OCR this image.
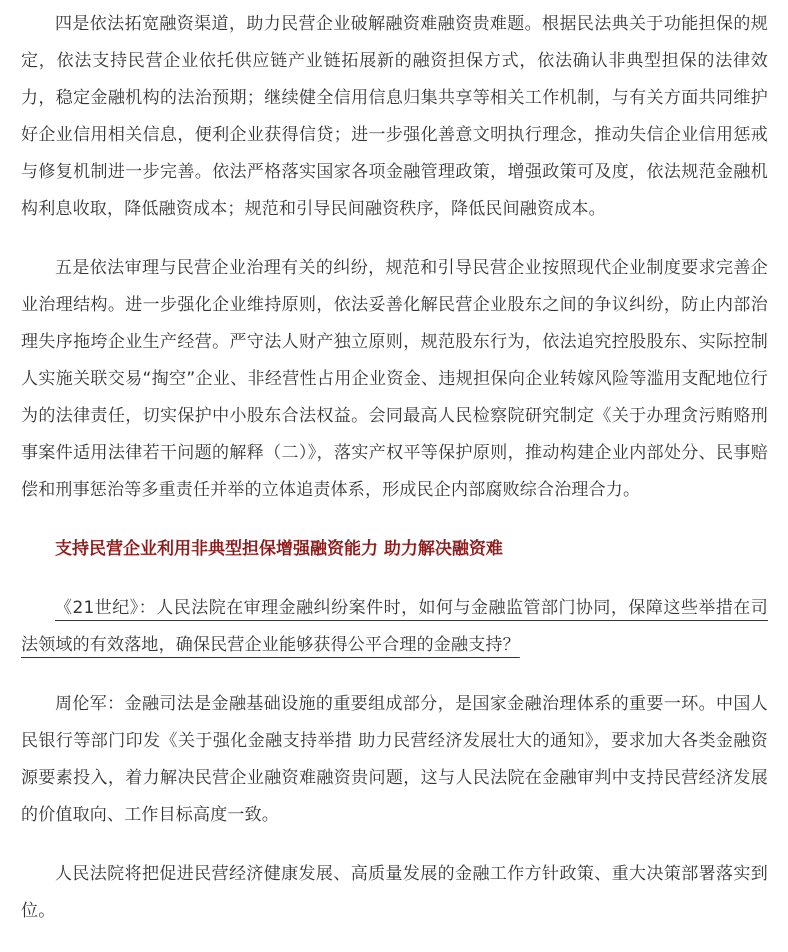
四是依法拓宽融资渠道，助力民营企业破解融资难融资贵难题。根据民法典关于功能担保的规定，依法支持民营企业依托供应链产业链拓展新的融资担保方式，依法确认非典型担保的法律效力，稳定金融机构的法治预期；继续健全信用信息归集共享等相关工作机制，与有关方面共同维护好企业信用相关信息，便利企业获得信贷；进一步强化善意文明执行理念，推动失信企业信用惩戒与修复机制进一步完善。依法严格落实国家各项金融管理政策，增强政策可及度，依法规范金融机构利息收取，降低融资成本；规范和引导民间融资秩序，降低民间融资成本。

五是依法审理与民营企业治理有关的纠纷，规范和引导民营企业按照现代企业制度要求完善企业治理结构。进一步强化企业维持原则，依法妥善化解民营企业股东之间的争议纠纷，防止内部治理失序拖垮企业生产经营。严守法人财产独立原则，规范股东行为，依法追究控股股东、实际控制人实施关联交易“掏空”企业、非经营性占用企业资金、违规担保向企业转嫁风险等滥用支配地位行为的法律责任，切实保护中小股东合法权益。会同最高人民检察院研究制定《关于办理贪污贿赂刑事案件适用法律若干问题的解释（二）》，落实产权平等保护原则，推动构建企业内部处分、民事赔偿和刑事惩治等多重责任并举的立体追责体系，形成民企内部腐败综合治理合力。

支持民营企业利用非典型担保增强融资能力 助力解决融资难

《21世纪》：人民法院在审理金融纠纷案件时，如何与金融监管部门协同，保障这些举措在司法领域的有效落地，确保民营企业能够获得公平合理的金融支持？

周伦军：金融司法是金融基础设施的重要组成部分，是国家金融治理体系的重要一环。中国人民银行等部门印发《关于强化金融支持举措 助力民营经济发展壮大的通知》，要求加大各类金融资源要素投入，着力解决民营企业融资难融资贵问题，这与人民法院在金融审判中支持民营经济发展的价值取向、工作目标高度一致。

人民法院将把促进民营经济健康发展、高质量发展的金融工作方针政策、重大决策部署落实到位。
